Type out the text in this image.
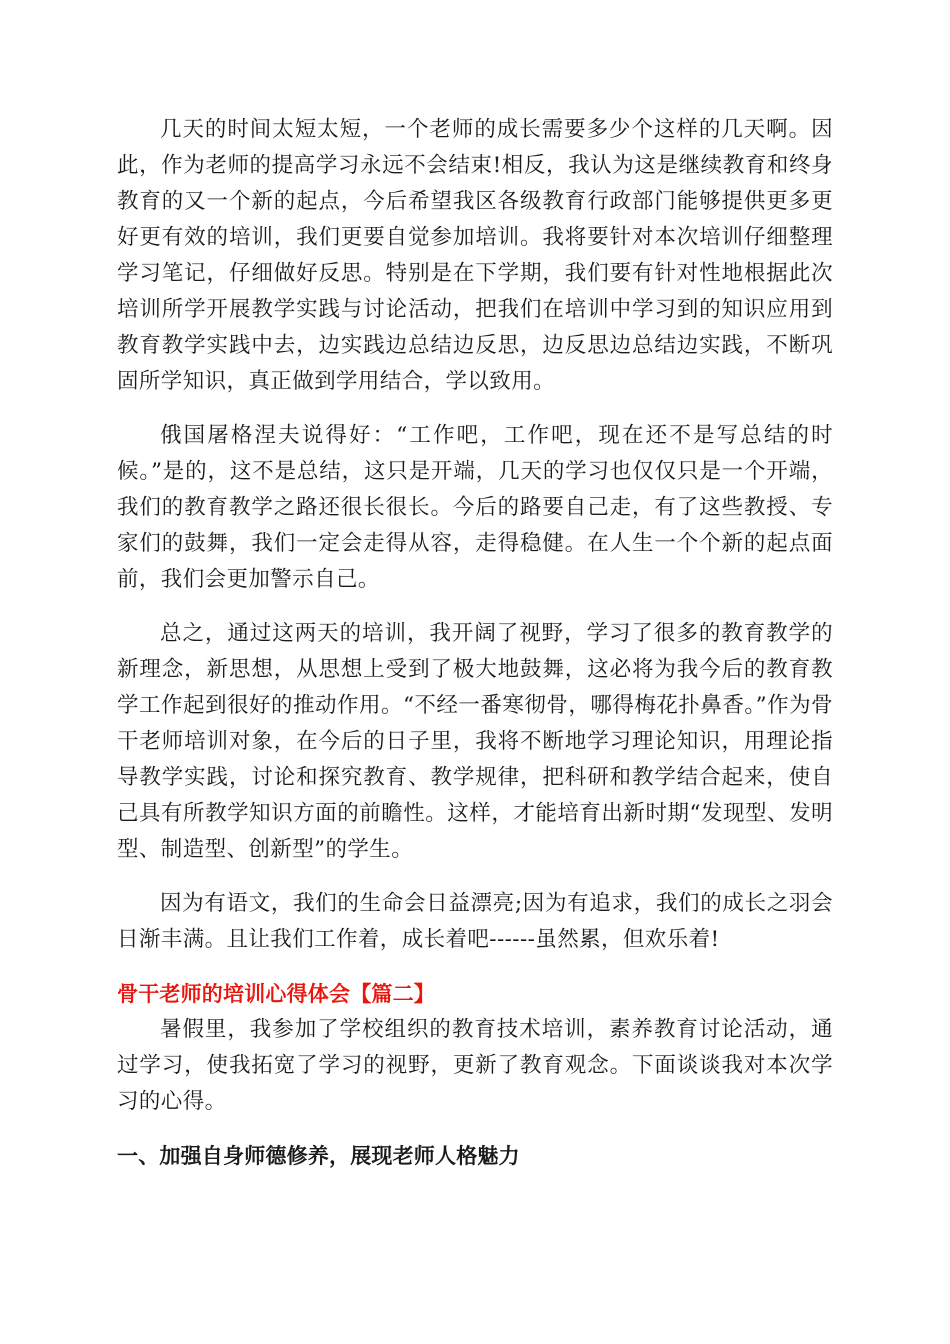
几天的时间太短太短，一个老师的成长需要多少个这样的几天啊。因此，作为老师的提高学习永远不会结束!相反，我认为这是继续教育和终身教育的又一个新的起点，今后希望我区各级教育行政部门能够提供更多更好更有效的培训，我们更要自觉参加培训。我将要针对本次培训仔细整理学习笔记，仔细做好反思。特别是在下学期，我们要有针对性地根据此次培训所学开展教学实践与讨论活动，把我们在培训中学习到的知识应用到教育教学实践中去，边实践边总结边反思，边反思边总结边实践，不断巩固所学知识，真正做到学用结合，学以致用。

俄国屠格涅夫说得好：“工作吧，工作吧，现在还不是写总结的时候。”是的，这不是总结，这只是开端，几天的学习也仅仅只是一个开端，我们的教育教学之路还很长很长。今后的路要自己走，有了这些教授、专家们的鼓舞，我们一定会走得从容，走得稳健。在人生一个个新的起点面前，我们会更加警示自己。

总之，通过这两天的培训，我开阔了视野，学习了很多的教育教学的新理念，新思想，从思想上受到了极大地鼓舞，这必将为我今后的教育教学工作起到很好的推动作用。“不经一番寒彻骨，哪得梅花扑鼻香。”作为骨干老师培训对象，在今后的日子里，我将不断地学习理论知识，用理论指导教学实践，讨论和探究教育、教学规律，把科研和教学结合起来，使自己具有所教学知识方面的前瞻性。这样，才能培育出新时期“发现型、发明型、制造型、创新型”的学生。

因为有语文，我们的生命会日益漂亮;因为有追求，我们的成长之羽会日渐丰满。且让我们工作着，成长着吧------虽然累，但欢乐着!

骨干老师的培训心得体会【篇二】

暑假里，我参加了学校组织的教育技术培训，素养教育讨论活动，通过学习，使我拓宽了学习的视野，更新了教育观念。下面谈谈我对本次学习的心得。

一、加强自身师德修养，展现老师人格魅力
